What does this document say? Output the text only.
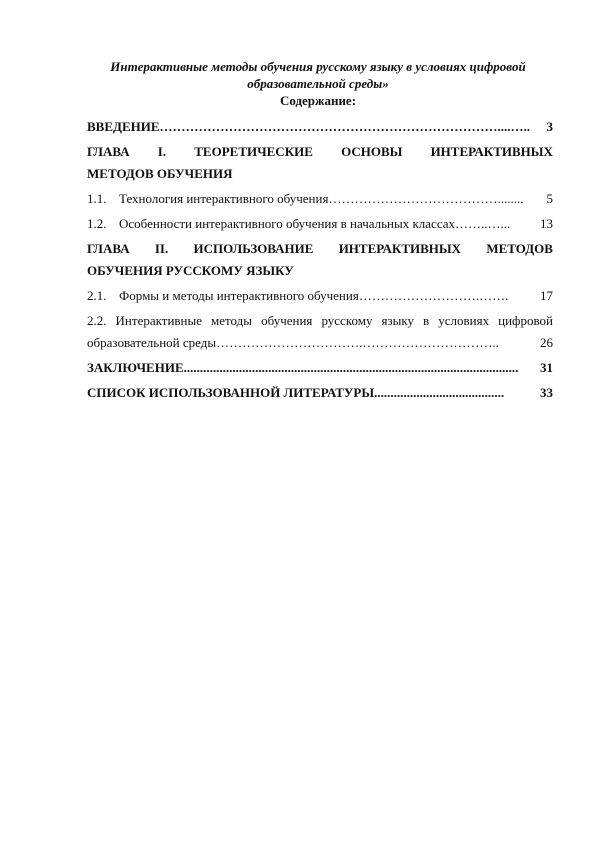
Интерактивные методы обучения русскому языку в условиях цифровой
образовательной среды»
Содержание:
ВВЕДЕНИЕ ……………………………………………………………………....…..	3
ГЛАВА I. ТЕОРЕТИЧЕСКИЕ ОСНОВЫ ИНТЕРАКТИВНЫХ
МЕТОДОВ ОБУЧЕНИЯ
1.1. Технология интерактивного обучения …………………………………........	5
1.2. Особенности интерактивного обучения в начальных классах ……..…...	13
ГЛАВА II. ИСПОЛЬЗОВАНИЕ ИНТЕРАКТИВНЫХ МЕТОДОВ
ОБУЧЕНИЯ РУССКОМУ ЯЗЫКУ
2.1. Формы и методы интерактивного обучения ……………………….…….	17
2.2. Интерактивные методы обучения русскому языку в условиях цифровой
образовательной среды …………………………….…………………………..	26
ЗАКЛЮЧЕНИЕ .......................................................................................................	31
СПИСОК ИСПОЛЬЗОВАННОЙ ЛИТЕРАТУРЫ ........................................	33
